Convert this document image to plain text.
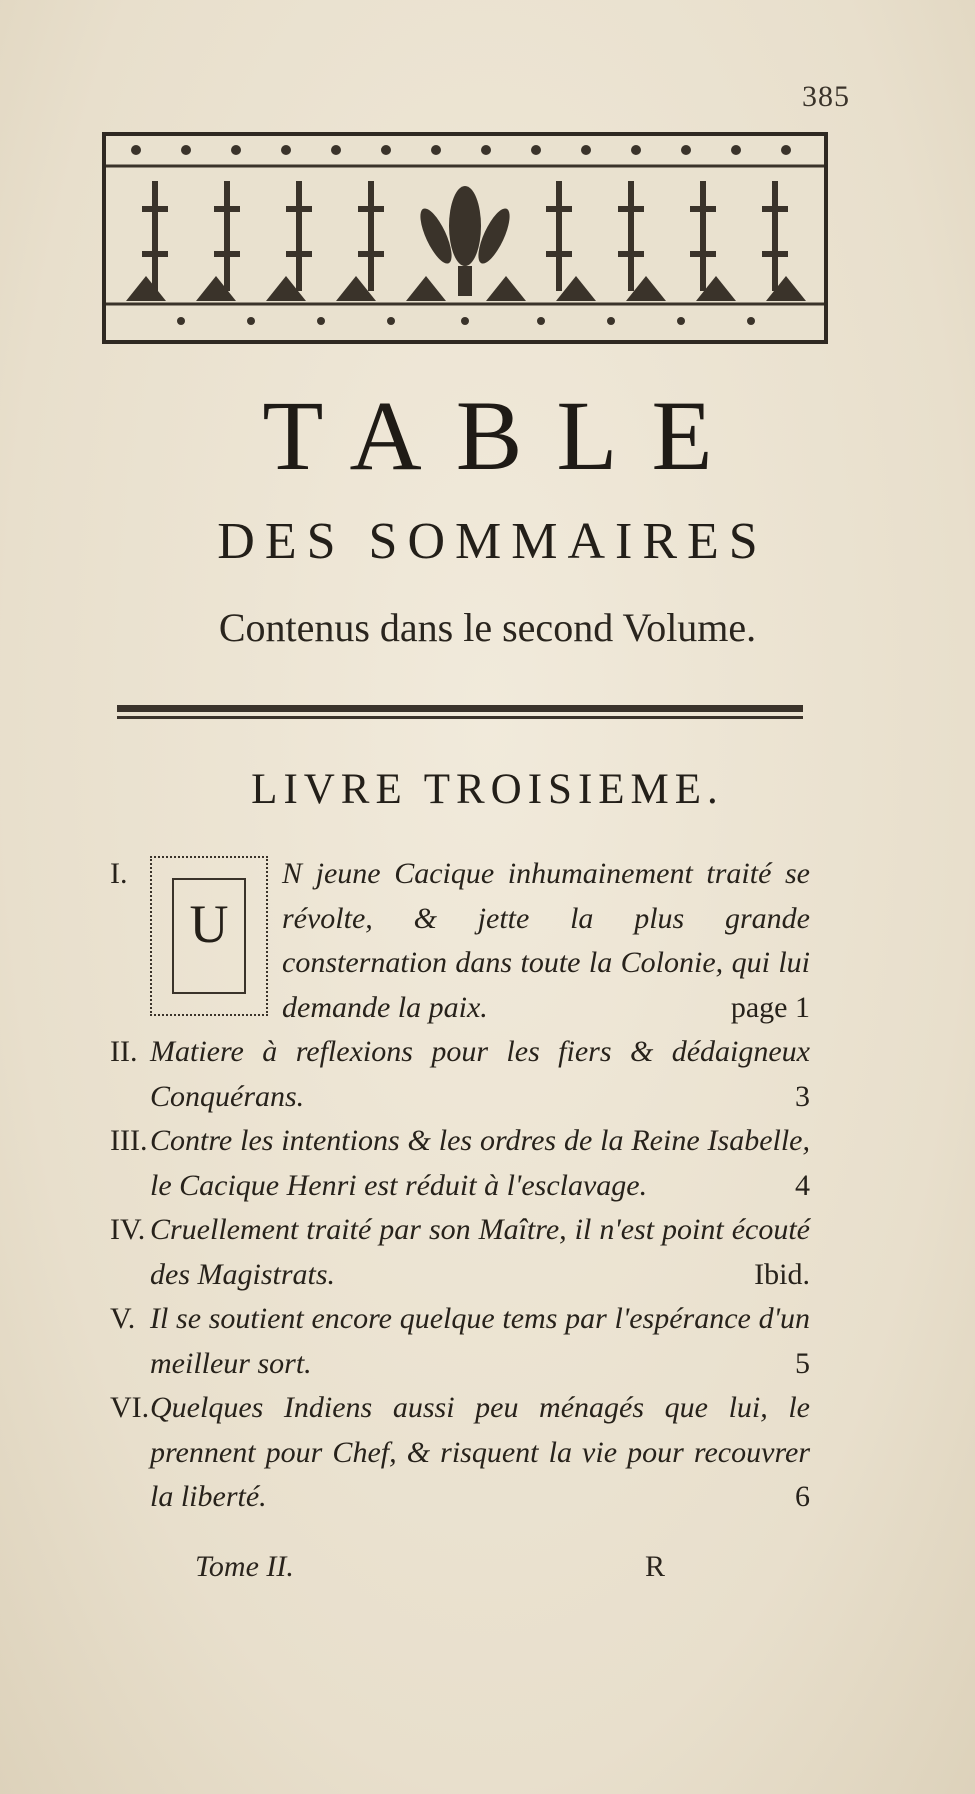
385
TABLE
DES SOMMAIRES
Contenus dans le second Volume.
LIVRE TROISIEME.
I.
U
N jeune Cacique inhumainement traité se révolte, & jette la plus grande consternation dans toute la Colonie, qui lui demande la paix.	page 1
II. Matiere à reflexions pour les fiers & dédaigneux Conquérans.	3
III. Contre les intentions & les ordres de la Reine Isabelle, le Cacique Henri est réduit à l'esclavage.	4
IV. Cruellement traité par son Maître, il n'est point écouté des Magistrats.	Ibid.
V. Il se soutient encore quelque tems par l'espérance d'un meilleur sort.	5
VI. Quelques Indiens aussi peu ménagés que lui, le prennent pour Chef, & risquent la vie pour recouvrer la liberté.	6
Tome II.	R
